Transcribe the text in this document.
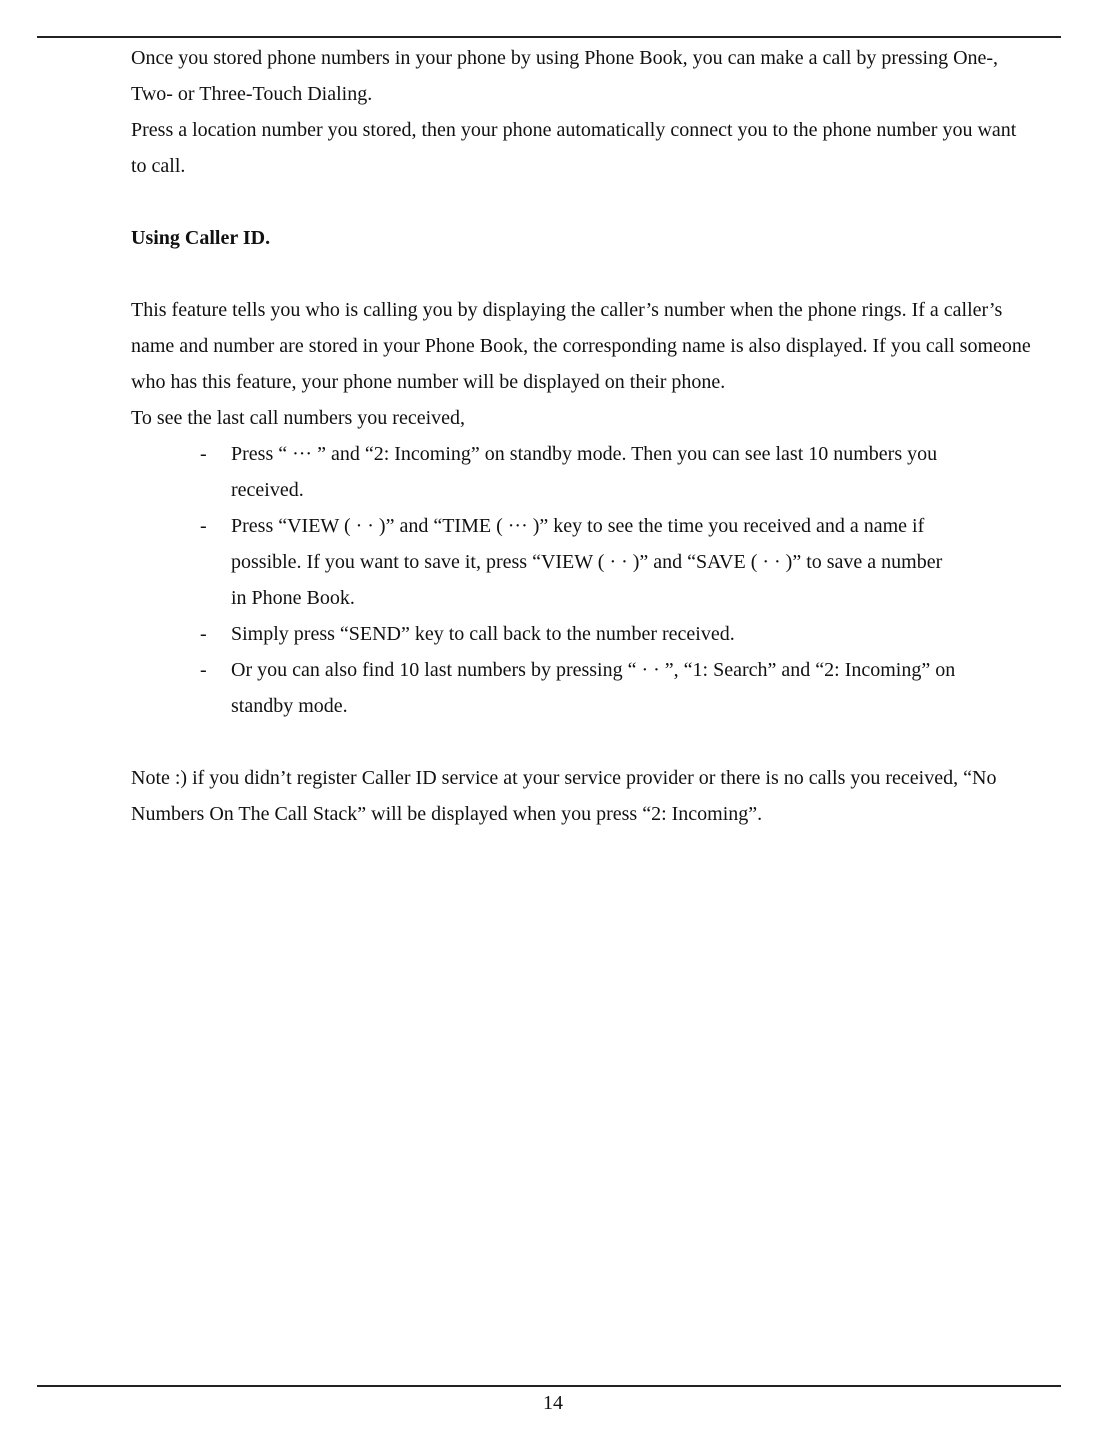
Once you stored phone numbers in your phone by using Phone Book, you can make a call by pressing One-, Two- or Three-Touch Dialing.

Press a location number you stored, then your phone automatically connect you to the phone number you want to call.

Using Caller ID.

This feature tells you who is calling you by displaying the caller’s number when the phone rings. If a caller’s name and number are stored in your Phone Book, the corresponding name is also displayed. If you call someone who has this feature, your phone number will be displayed on their phone.

To see the last call numbers you received,

- Press “ ··· ” and “2: Incoming” on standby mode. Then you can see last 10 numbers you received.
- Press “VIEW ( · · )” and “TIME ( ··· )” key to see the time you received and a name if possible. If you want to save it, press “VIEW ( · · )” and “SAVE ( · · )” to save a number in Phone Book.
- Simply press “SEND” key to call back to the number received.
- Or you can also find 10 last numbers by pressing “ · · ”, “1: Search” and “2: Incoming” on standby mode.

Note :) if you didn’t register Caller ID service at your service provider or there is no calls you received, “No Numbers On The Call Stack” will be displayed when you press “2: Incoming”.

14
